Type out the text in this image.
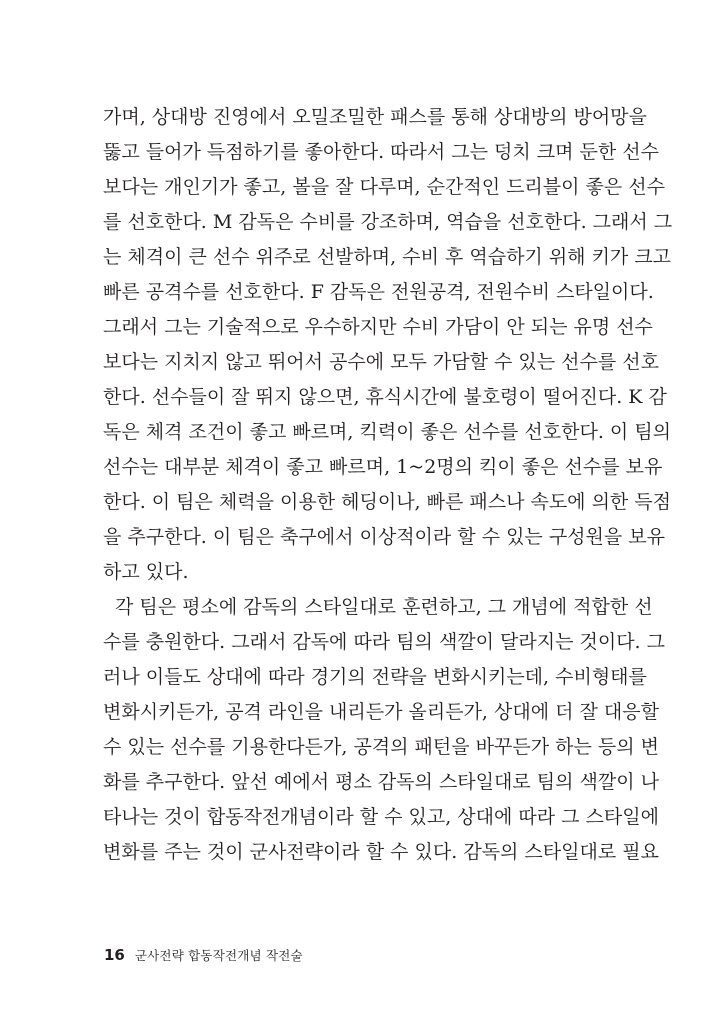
가며, 상대방 진영에서 오밀조밀한 패스를 통해 상대방의 방어망을
뚫고 들어가 득점하기를 좋아한다. 따라서 그는 덩치 크며 둔한 선수
보다는 개인기가 좋고, 볼을 잘 다루며, 순간적인 드리블이 좋은 선수
를 선호한다. M 감독은 수비를 강조하며, 역습을 선호한다. 그래서 그
는 체격이 큰 선수 위주로 선발하며, 수비 후 역습하기 위해 키가 크고
빠른 공격수를 선호한다. F 감독은 전원공격, 전원수비 스타일이다.
그래서 그는 기술적으로 우수하지만 수비 가담이 안 되는 유명 선수
보다는 지치지 않고 뛰어서 공수에 모두 가담할 수 있는 선수를 선호
한다. 선수들이 잘 뛰지 않으면, 휴식시간에 불호령이 떨어진다. K 감
독은 체격 조건이 좋고 빠르며, 킥력이 좋은 선수를 선호한다. 이 팀의
선수는 대부분 체격이 좋고 빠르며, 1~2명의 킥이 좋은 선수를 보유
한다. 이 팀은 체력을 이용한 헤딩이나, 빠른 패스나 속도에 의한 득점
을 추구한다. 이 팀은 축구에서 이상적이라 할 수 있는 구성원을 보유
하고 있다.
각 팀은 평소에 감독의 스타일대로 훈련하고, 그 개념에 적합한 선
수를 충원한다. 그래서 감독에 따라 팀의 색깔이 달라지는 것이다. 그
러나 이들도 상대에 따라 경기의 전략을 변화시키는데, 수비형태를
변화시키든가, 공격 라인을 내리든가 올리든가, 상대에 더 잘 대응할
수 있는 선수를 기용한다든가, 공격의 패턴을 바꾸든가 하는 등의 변
화를 추구한다. 앞선 예에서 평소 감독의 스타일대로 팀의 색깔이 나
타나는 것이 합동작전개념이라 할 수 있고, 상대에 따라 그 스타일에
변화를 주는 것이 군사전략이라 할 수 있다. 감독의 스타일대로 필요
16 군사전략 합동작전개념 작전술
